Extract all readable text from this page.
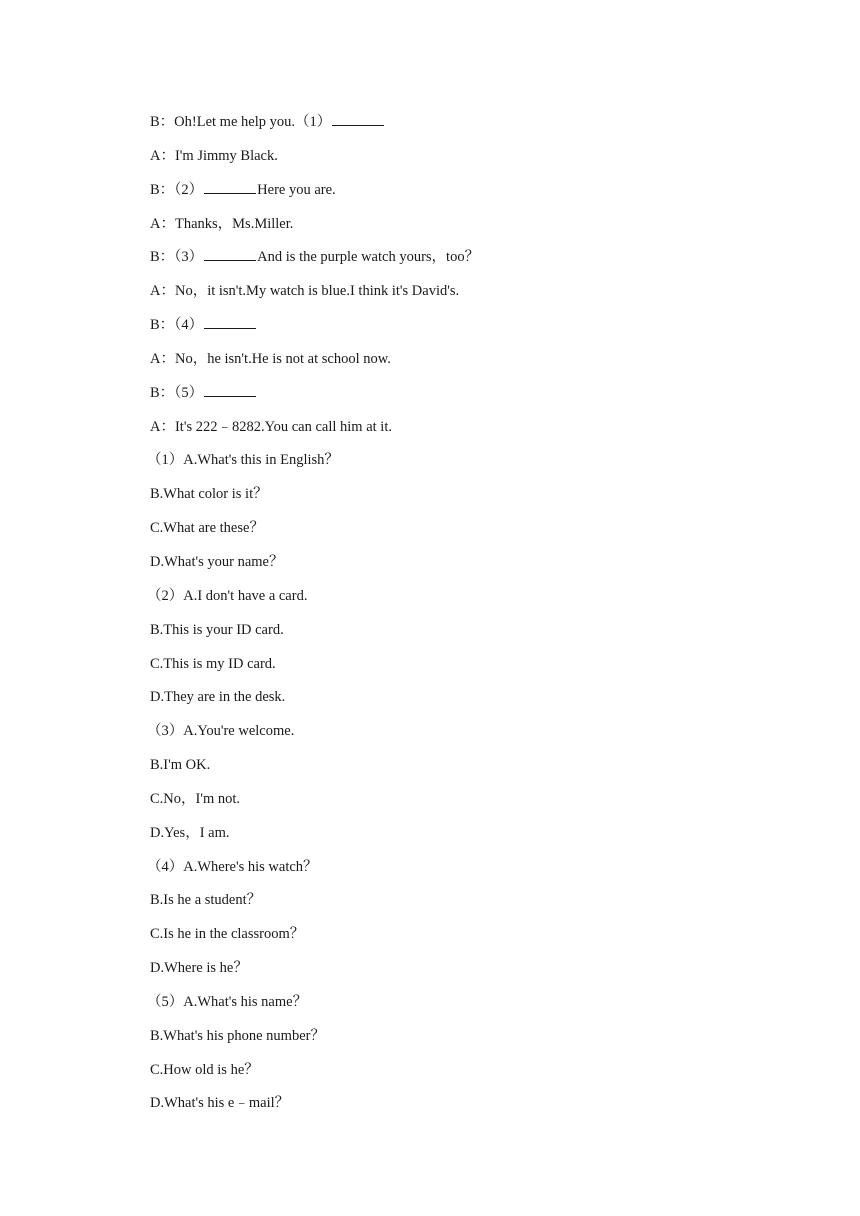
B：Oh!Let me help you.（1）
A：I'm Jimmy Black.
B：（2）	Here you are.
A：Thanks，Ms.Miller.
B：（3）	And is the purple watch yours，too？
A：No，it isn't.My watch is blue.I think it's David's.
B：（4）
A：No，he isn't.He is not at school now.
B：（5）
A：It's 222﹣8282.You can call him at it.
（1）A.What's this in English？
B.What color is it？
C.What are these？
D.What's your name？
（2）A.I don't have a card.
B.This is your ID card.
C.This is my ID card.
D.They are in the desk.
（3）A.You're welcome.
B.I'm OK.
C.No，I'm not.
D.Yes，I am.
（4）A.Where's his watch？
B.Is he a student？
C.Is he in the classroom？
D.Where is he？
（5）A.What's his name？
B.What's his phone number？
C.How old is he？
D.What's his e﹣mail？
